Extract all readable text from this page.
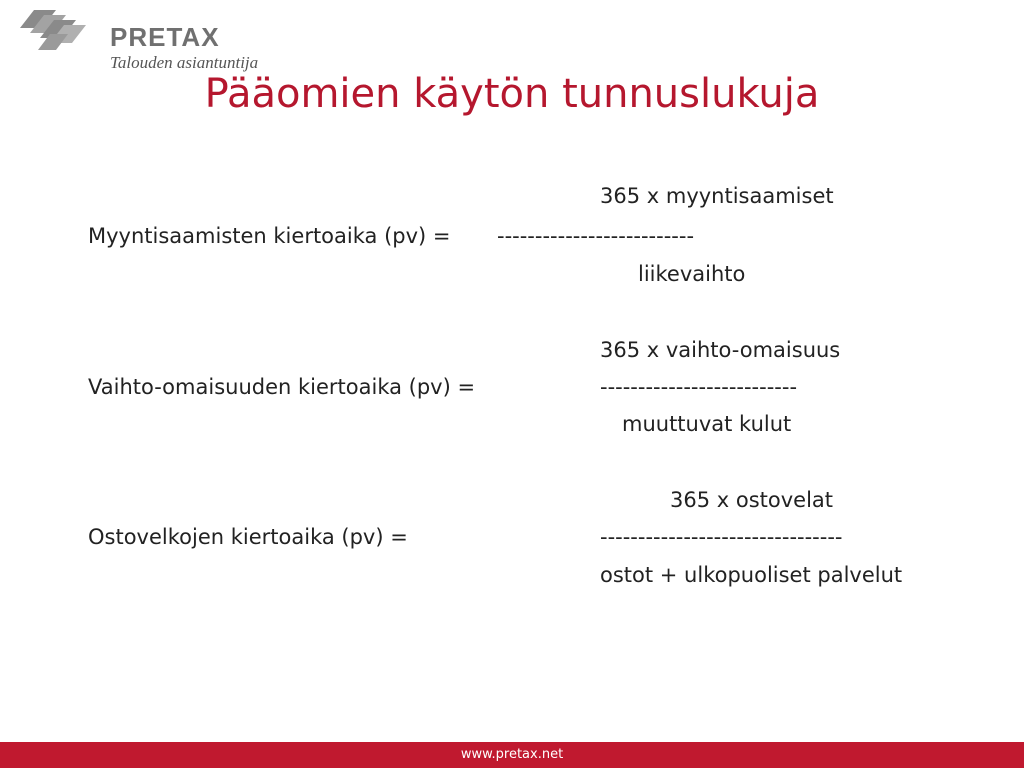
PRETAX
Talouden asiantuntija
Pääomien käytön tunnuslukuja
365 x myyntisaamiset
Myyntisaamisten kiertoaika (pv) = --------------------------
liikevaihto
365 x vaihto-omaisuus
Vaihto-omaisuuden kiertoaika (pv) =	--------------------------
muuttuvat kulut
365 x ostovelat
Ostovelkojen kiertoaika (pv) =	--------------------------------
ostot + ulkopuoliset palvelut
www.pretax.net
